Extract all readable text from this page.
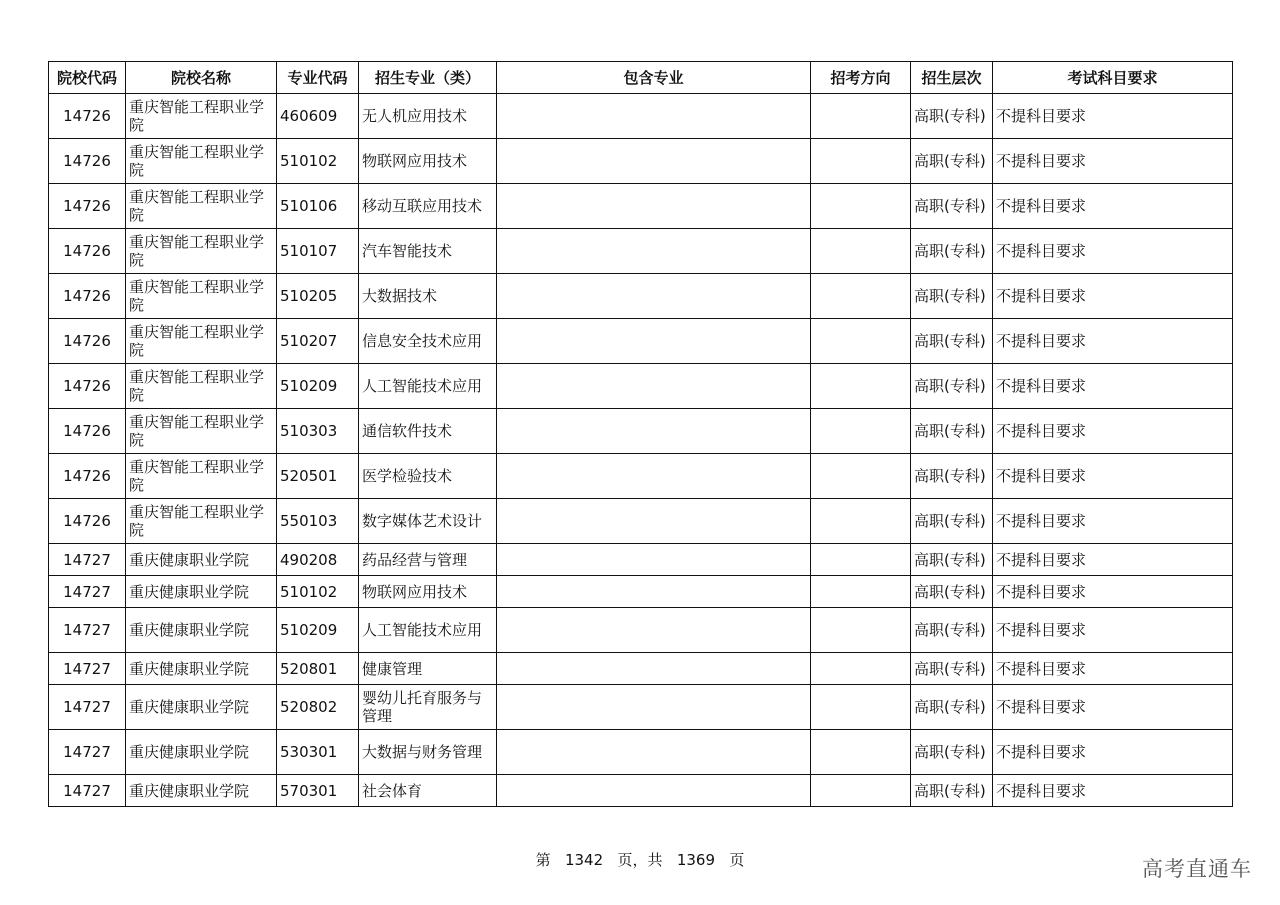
院校代码	院校名称	专业代码	招生专业（类）	包含专业	招考方向	招生层次	考试科目要求
14726	重庆智能工程职业学院	460609	无人机应用技术			高职(专科)	不提科目要求
14726	重庆智能工程职业学院	510102	物联网应用技术			高职(专科)	不提科目要求
14726	重庆智能工程职业学院	510106	移动互联应用技术			高职(专科)	不提科目要求
14726	重庆智能工程职业学院	510107	汽车智能技术			高职(专科)	不提科目要求
14726	重庆智能工程职业学院	510205	大数据技术			高职(专科)	不提科目要求
14726	重庆智能工程职业学院	510207	信息安全技术应用			高职(专科)	不提科目要求
14726	重庆智能工程职业学院	510209	人工智能技术应用			高职(专科)	不提科目要求
14726	重庆智能工程职业学院	510303	通信软件技术			高职(专科)	不提科目要求
14726	重庆智能工程职业学院	520501	医学检验技术			高职(专科)	不提科目要求
14726	重庆智能工程职业学院	550103	数字媒体艺术设计			高职(专科)	不提科目要求
14727	重庆健康职业学院	490208	药品经营与管理			高职(专科)	不提科目要求
14727	重庆健康职业学院	510102	物联网应用技术			高职(专科)	不提科目要求
14727	重庆健康职业学院	510209	人工智能技术应用			高职(专科)	不提科目要求
14727	重庆健康职业学院	520801	健康管理			高职(专科)	不提科目要求
14727	重庆健康职业学院	520802	婴幼儿托育服务与管理			高职(专科)	不提科目要求
14727	重庆健康职业学院	530301	大数据与财务管理			高职(专科)	不提科目要求
14727	重庆健康职业学院	570301	社会体育			高职(专科)	不提科目要求
第 1342 页，共 1369 页	高考直通车
